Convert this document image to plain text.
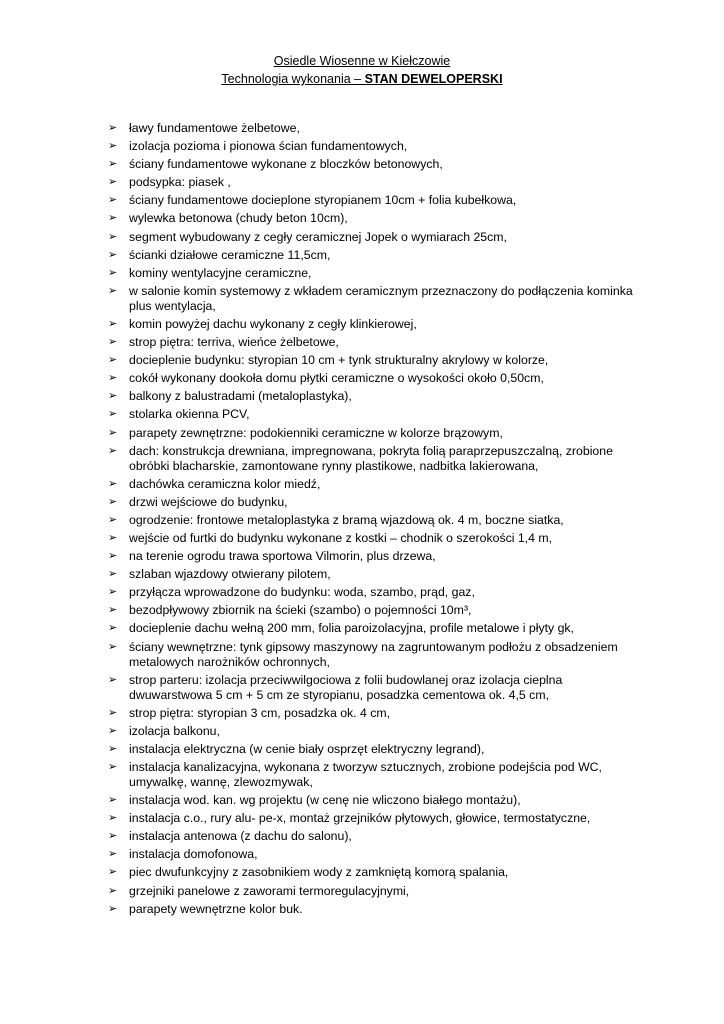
Osiedle Wiosenne w Kiełczowie
Technologia wykonania – STAN DEWELOPERSKI
➢ ławy fundamentowe żelbetowe,
➢ izolacja pozioma i pionowa ścian fundamentowych,
➢ ściany fundamentowe wykonane z bloczków betonowych,
➢ podsypka: piasek ,
➢ ściany fundamentowe docieplone styropianem 10cm + folia kubełkowa,
➢ wylewka betonowa (chudy beton 10cm),
➢ segment wybudowany z cegły ceramicznej Jopek o wymiarach 25cm,
➢ ścianki działowe ceramiczne 11,5cm,
➢ kominy wentylacyjne ceramiczne,
➢ w salonie komin systemowy z wkładem ceramicznym przeznaczony do podłączenia kominka plus wentylacja,
➢ komin powyżej dachu wykonany z cegły klinkierowej,
➢ strop piętra: terriva, wieńce żelbetowe,
➢ docieplenie budynku: styropian 10 cm + tynk strukturalny akrylowy w kolorze,
➢ cokół wykonany dookoła domu płytki ceramiczne o wysokości około 0,50cm,
➢ balkony z balustradami (metaloplastyka),
➢ stolarka okienna PCV,
➢ parapety zewnętrzne: podokienniki ceramiczne w kolorze brązowym,
➢ dach: konstrukcja drewniana, impregnowana, pokryta folią paraprzepuszczalną, zrobione obróbki blacharskie, zamontowane rynny plastikowe, nadbitka lakierowana,
➢ dachówka ceramiczna kolor miedź,
➢ drzwi wejściowe do budynku,
➢ ogrodzenie: frontowe metaloplastyka z bramą wjazdową ok. 4 m, boczne siatka,
➢ wejście od furtki do budynku wykonane z kostki – chodnik o szerokości 1,4 m,
➢ na terenie ogrodu trawa sportowa Vilmorin, plus drzewa,
➢ szlaban wjazdowy otwierany pilotem,
➢ przyłącza wprowadzone do budynku: woda, szambo, prąd, gaz,
➢ bezodpływowy zbiornik na ścieki (szambo) o pojemności 10m³,
➢ docieplenie dachu wełną 200 mm, folia paroizolacyjna, profile metalowe i płyty gk,
➢ ściany wewnętrzne: tynk gipsowy maszynowy na zagruntowanym podłożu z obsadzeniem metalowych narożników ochronnych,
➢ strop parteru: izolacja przeciwwilgociowa z folii budowlanej oraz izolacja cieplna dwuwarstwowa 5 cm + 5 cm ze styropianu, posadzka cementowa ok. 4,5 cm,
➢ strop piętra: styropian 3 cm, posadzka ok. 4 cm,
➢ izolacja balkonu,
➢ instalacja elektryczna (w cenie biały osprzęt elektryczny legrand),
➢ instalacja kanalizacyjna, wykonana z tworzyw sztucznych, zrobione podejścia pod WC, umywalkę, wannę, zlewozmywak,
➢ instalacja wod. kan. wg projektu (w cenę nie wliczono białego montażu),
➢ instalacja c.o., rury alu- pe-x, montaż grzejników płytowych, głowice, termostatyczne,
➢ instalacja antenowa (z dachu do salonu),
➢ instalacja domofonowa,
➢ piec dwufunkcyjny z zasobnikiem wody z zamkniętą komorą spalania,
➢ grzejniki panelowe z zaworami termoregulacyjnymi,
➢ parapety wewnętrzne kolor buk.
